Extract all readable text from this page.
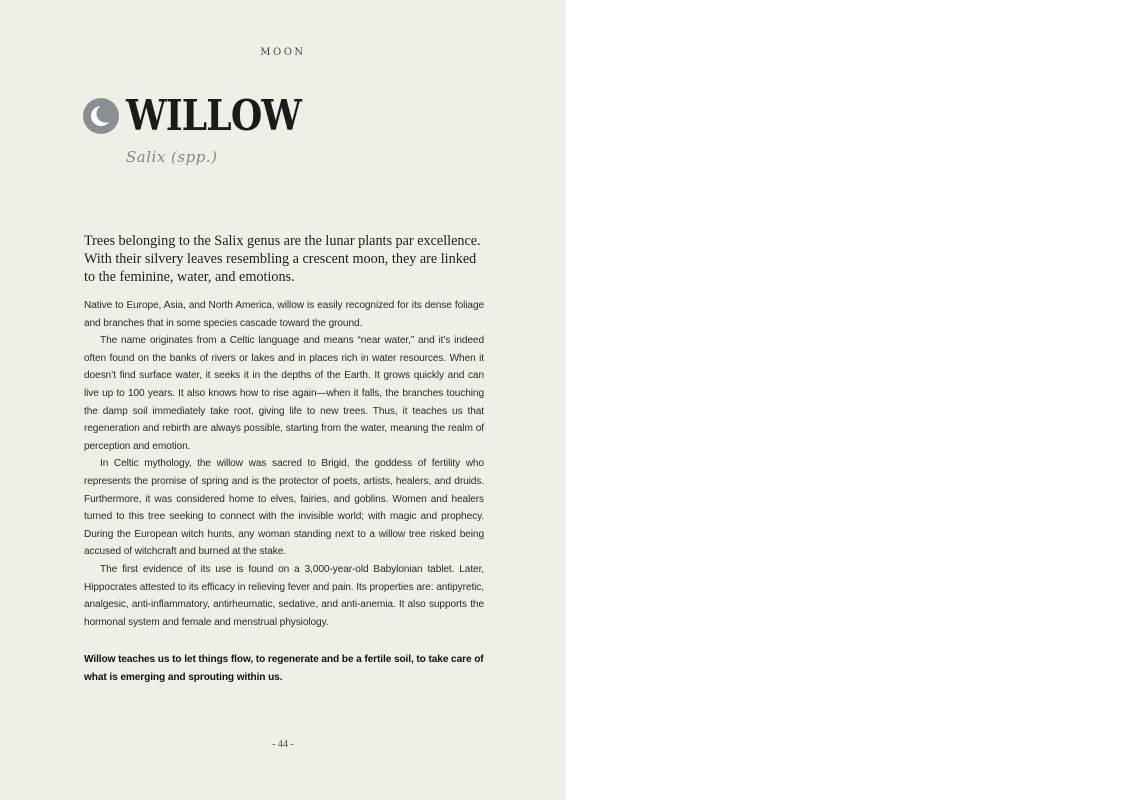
MOON
WILLOW
Salix (spp.)

Trees belonging to the Salix genus are the lunar plants par excellence. With their silvery leaves resembling a crescent moon, they are linked to the feminine, water, and emotions.

Native to Europe, Asia, and North America, willow is easily recognized for its dense foliage and branches that in some species cascade toward the ground.

The name originates from a Celtic language and means “near water,” and it’s indeed often found on the banks of rivers or lakes and in places rich in water resources. When it doesn’t find surface water, it seeks it in the depths of the Earth. It grows quickly and can live up to 100 years. It also knows how to rise again—when it falls, the branches touching the damp soil immediately take root, giving life to new trees. Thus, it teaches us that regeneration and rebirth are always possible, starting from the water, meaning the realm of perception and emotion.

In Celtic mythology, the willow was sacred to Brigid, the goddess of fertility who represents the promise of spring and is the protector of poets, artists, healers, and druids. Furthermore, it was considered home to elves, fairies, and goblins. Women and healers turned to this tree seeking to connect with the invisible world; with magic and prophecy. During the European witch hunts, any woman standing next to a willow tree risked being accused of witchcraft and burned at the stake.

The first evidence of its use is found on a 3,000-year-old Babylonian tablet. Later, Hippocrates attested to its efficacy in relieving fever and pain. Its properties are: antipyretic, analgesic, anti-inflammatory, antirheumatic, sedative, and anti-anemia. It also supports the hormonal system and female and menstrual physiology.

Willow teaches us to let things flow, to regenerate and be a fertile soil, to take care of what is emerging and sprouting within us.

- 44 -
